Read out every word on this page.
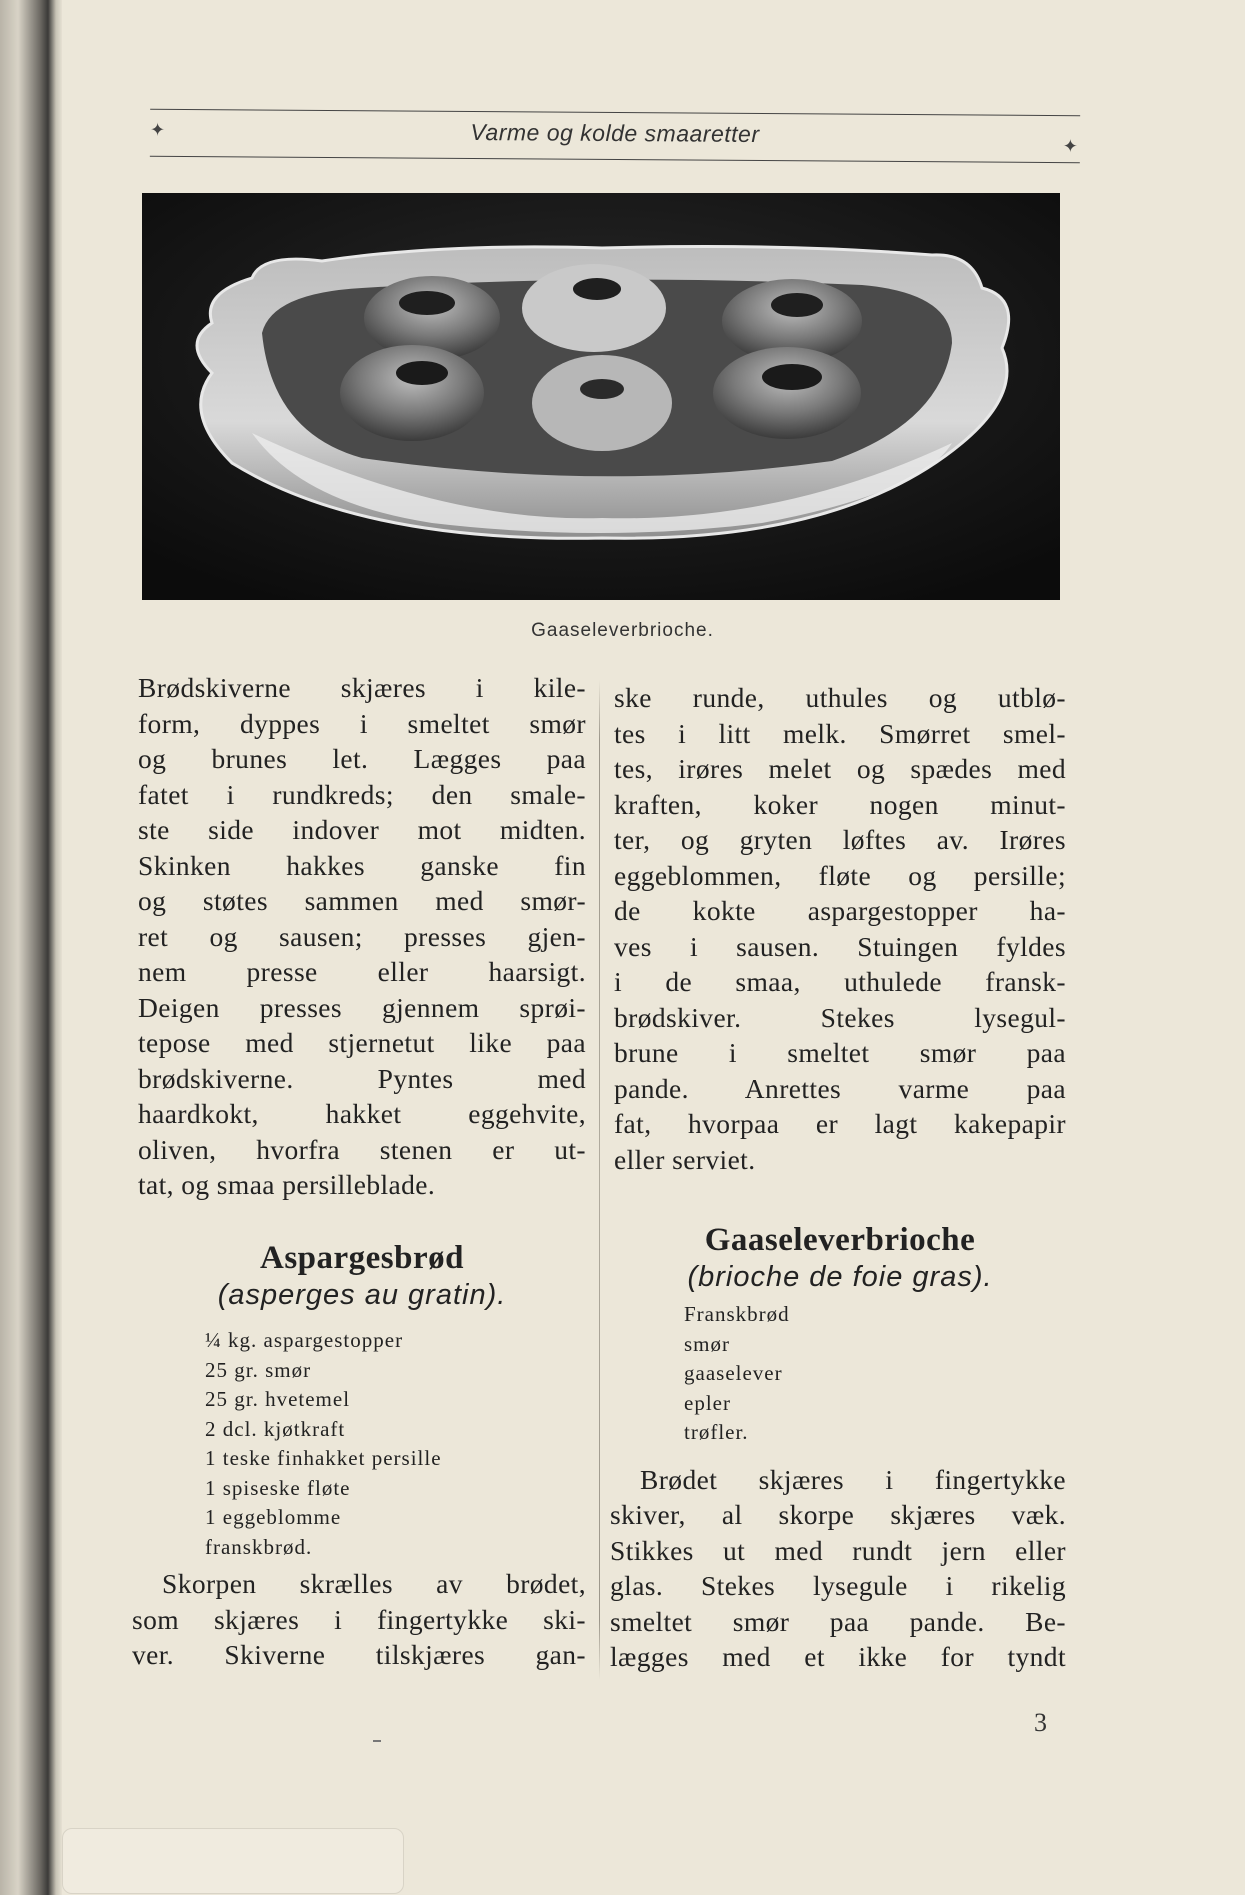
✦	Varme og kolde smaaretter	✦
Gaaseleverbrioche.

Brødskiverne skjæres i kile-
form, dyppes i smeltet smør
og brunes let. Lægges paa
fatet i rundkreds; den smale-
ste side indover mot midten.
Skinken hakkes ganske fin
og støtes sammen med smør-
ret og sausen; presses gjen-
nem presse eller haarsigt.
Deigen presses gjennem sprøi-
tepose med stjernetut like paa
brødskiverne. Pyntes med
haardkokt, hakket eggehvite,
oliven, hvorfra stenen er ut-
tat, og smaa persilleblade.

Aspargesbrød

(asperges au gratin).

¼ kg. aspargestopper
25 gr. smør
25 gr. hvetemel
2 dcl. kjøtkraft
1 teske finhakket persille
1 spiseske fløte
1 eggeblomme
franskbrød.

Skorpen skrælles av brødet,
som skjæres i fingertykke ski-
ver. Skiverne tilskjæres gan-

ske runde, uthules og utblø-
tes i litt melk. Smørret smel-
tes, irøres melet og spædes med
kraften, koker nogen minut-
ter, og gryten løftes av. Irøres
eggeblommen, fløte og persille;
de kokte aspargestopper ha-
ves i sausen. Stuingen fyldes
i de smaa, uthulede fransk-
brødskiver. Stekes lysegul-
brune i smeltet smør paa
pande. Anrettes varme paa
fat, hvorpaa er lagt kakepapir
eller serviet.

Gaaseleverbrioche

(brioche de foie gras).

Franskbrød
smør
gaaselever
epler
trøfler.

Brødet skjæres i fingertykke
skiver, al skorpe skjæres væk.
Stikkes ut med rundt jern eller
glas. Stekes lysegule i rikelig
smeltet smør paa pande. Be-
lægges med et ikke for tyndt

3
